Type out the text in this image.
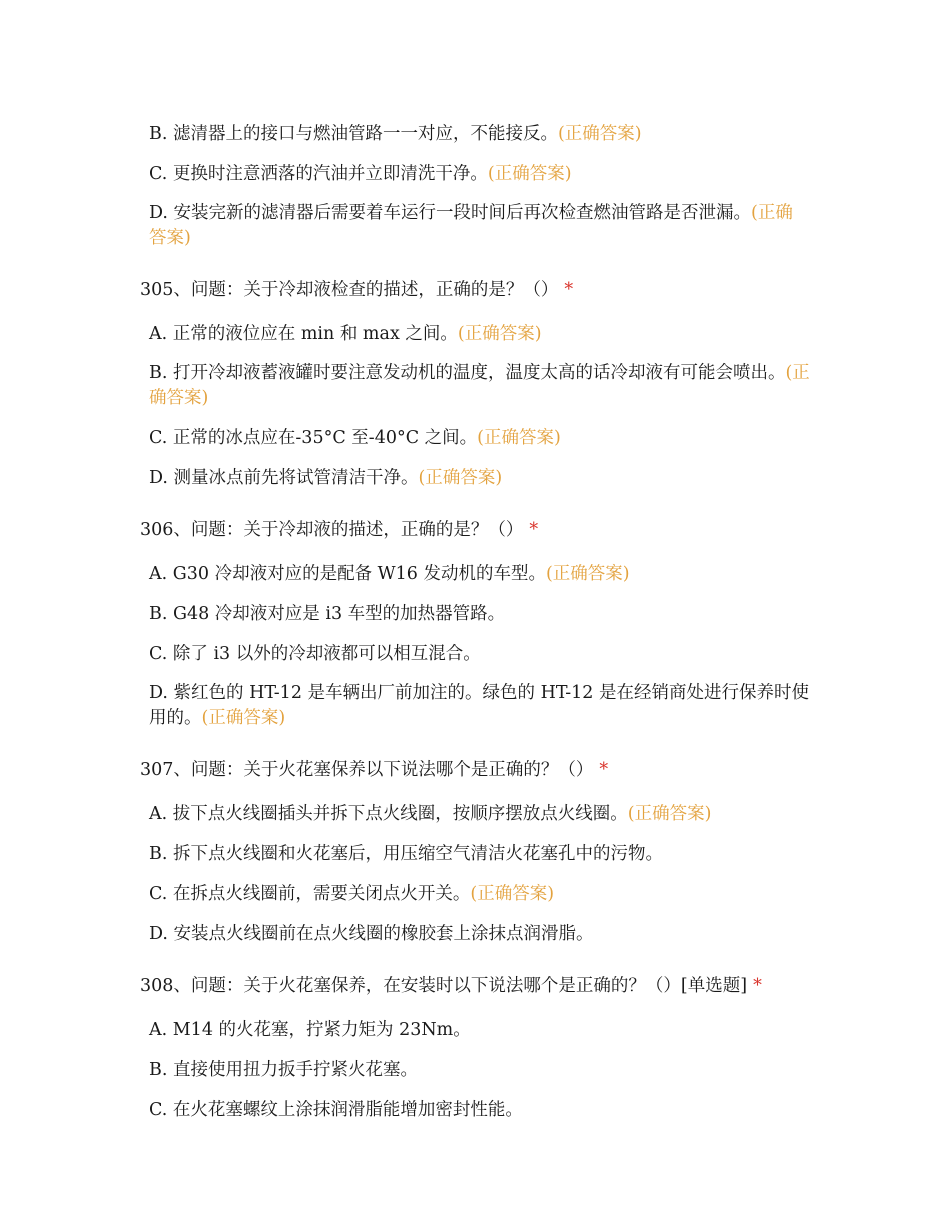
B. 滤清器上的接口与燃油管路一一对应，不能接反。(正确答案)
C. 更换时注意洒落的汽油并立即清洗干净。(正确答案)
D. 安装完新的滤清器后需要着车运行一段时间后再次检查燃油管路是否泄漏。(正确答案)
305、问题：关于冷却液检查的描述，正确的是？（） *
A. 正常的液位应在 min 和 max 之间。(正确答案)
B. 打开冷却液蓄液罐时要注意发动机的温度，温度太高的话冷却液有可能会喷出。(正确答案)
C. 正常的冰点应在-35°C 至-40°C 之间。(正确答案)
D. 测量冰点前先将试管清洁干净。(正确答案)
306、问题：关于冷却液的描述，正确的是？（） *
A. G30 冷却液对应的是配备 W16 发动机的车型。(正确答案)
B. G48 冷却液对应是 i3 车型的加热器管路。
C. 除了 i3 以外的冷却液都可以相互混合。
D. 紫红色的 HT-12 是车辆出厂前加注的。绿色的 HT-12 是在经销商处进行保养时使用的。(正确答案)
307、问题：关于火花塞保养以下说法哪个是正确的？（） *
A. 拔下点火线圈插头并拆下点火线圈，按顺序摆放点火线圈。(正确答案)
B. 拆下点火线圈和火花塞后，用压缩空气清洁火花塞孔中的污物。
C. 在拆点火线圈前，需要关闭点火开关。(正确答案)
D. 安装点火线圈前在点火线圈的橡胶套上涂抹点润滑脂。
308、问题：关于火花塞保养，在安装时以下说法哪个是正确的？（）[单选题] *
A. M14 的火花塞，拧紧力矩为 23Nm。
B. 直接使用扭力扳手拧紧火花塞。
C. 在火花塞螺纹上涂抹润滑脂能增加密封性能。
